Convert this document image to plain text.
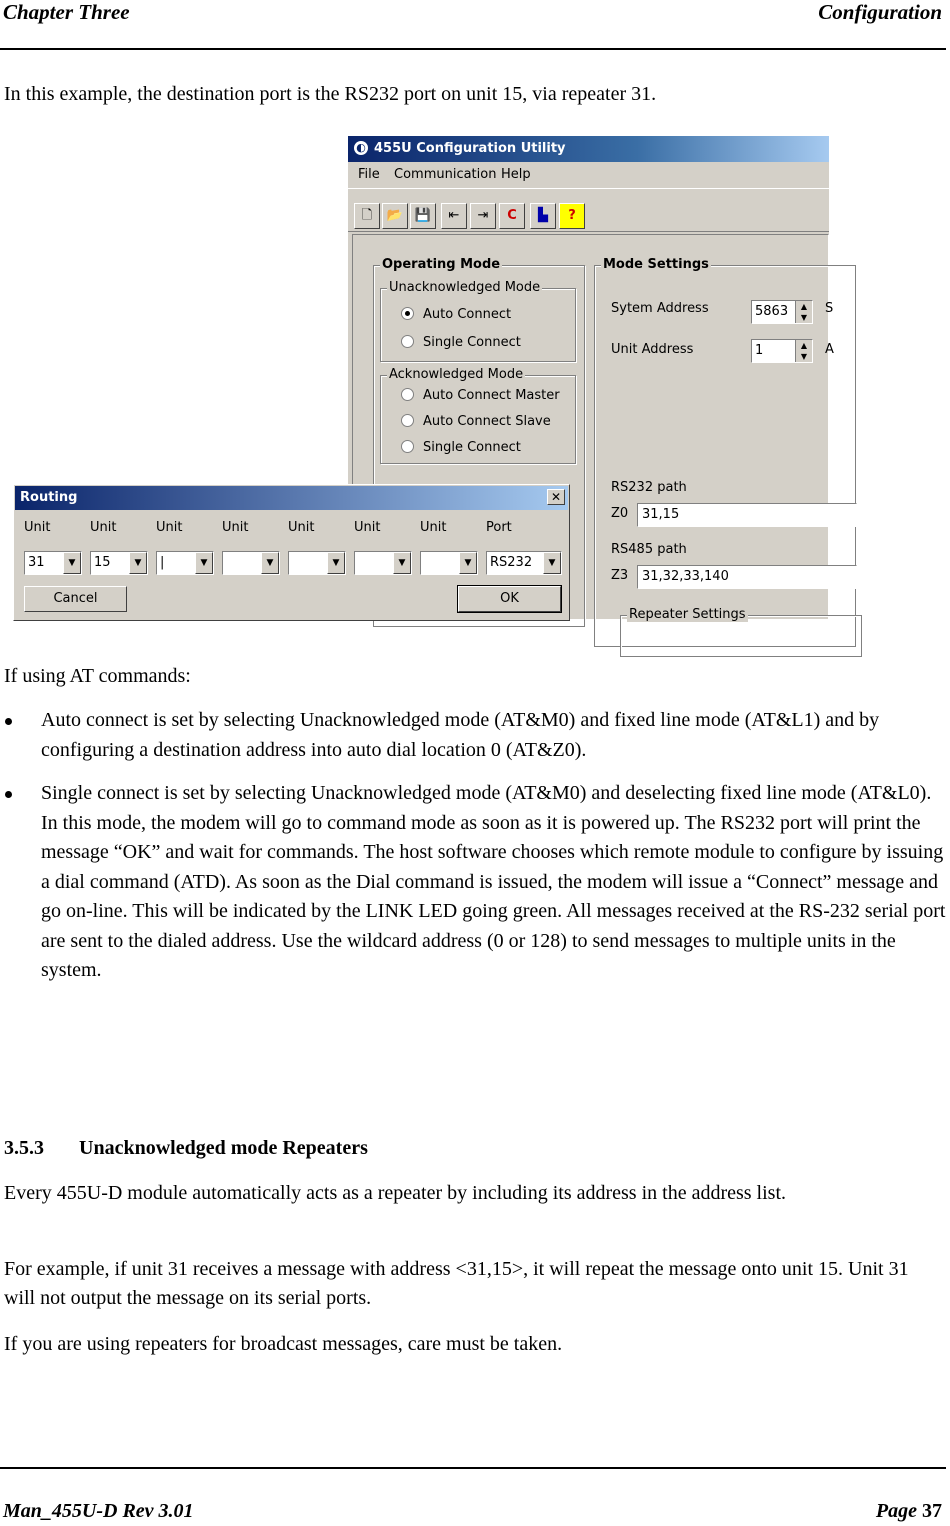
Chapter Three	Configuration
In this example, the destination port is the RS232 port on unit 15, via repeater 31.
◐ 455U Configuration Utility
File Communication Help
🗋	📂 💾	⇤	⇥	C	▙	?
Operating Mode
Unacknowledged Mode
Auto Connect
Single Connect
Acknowledged Mode
Auto Connect Master
Auto Connect Slave
Single Connect
Mode Settings
Sytem Address	5863	▲
▼
S
Unit Address	1	▲
▼	A
RS232 path
Z0 31,15
RS485 path
Z3 31,32,33,140
Repeater Settings
Routing	✕
Unit	Unit	Unit	Unit	Unit	Unit	Unit	Port
31	▼	15	▼	|	▼	▼	▼	▼	▼	RS232	▼
Cancel	OK
If using AT commands:
Auto connect is set by selecting Unacknowledged mode (AT&M0) and fixed line mode (AT&L1) and by configuring a destination address into auto dial location 0 (AT&Z0).
Single connect is set by selecting Unacknowledged mode (AT&M0) and deselecting fixed line mode (AT&L0). In this mode, the modem will go to command mode as soon as it is powered up. The RS232 port will print the message “OK” and wait for commands. The host software chooses which remote module to configure by issuing a dial command (ATD). As soon as the Dial command is issued, the modem will issue a “Connect” message and go on-line. This will be indicated by the LINK LED going green. All messages received at the RS-232 serial port are sent to the dialed address. Use the wildcard address (0 or 128) to send messages to multiple units in the system.
3.5.3 Unacknowledged mode Repeaters
Every 455U-D module automatically acts as a repeater by including its address in the address list.
For example, if unit 31 receives a message with address <31,15>, it will repeat the message onto unit 15. Unit 31 will not output the message on its serial ports.
If you are using repeaters for broadcast messages, care must be taken.
Man_455U-D Rev 3.01	Page 37
